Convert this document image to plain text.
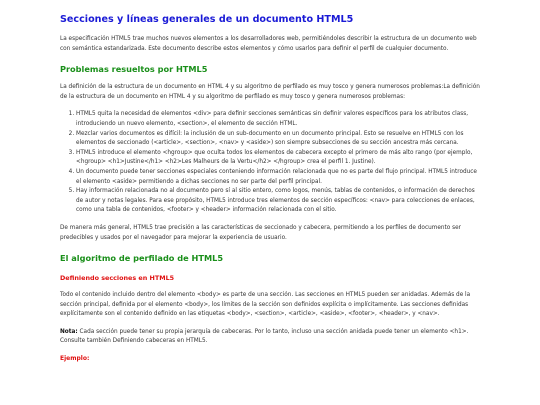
Secciones y líneas generales de un documento HTML5

La especificación HTML5 trae muchos nuevos elementos a los desarrolladores web, permitiéndoles describir la estructura de un documento web con semántica estandarizada. Este documento describe estos elementos y cómo usarlos para definir el perfil de cualquier documento.

Problemas resueltos por HTML5

La definición de la estructura de un documento en HTML 4 y su algoritmo de perfilado es muy tosco y genera numerosos problemas:La definición de la estructura de un documento en HTML 4 y su algoritmo de perfilado es muy tosco y genera numerosos problemas:

1. HTML5 quita la necesidad de elementos <div> para definir secciones semánticas sin definir valores específicos para los atributos class, introduciendo un nuevo elemento, <section>, el elemento de sección HTML.
2. Mezclar varios documentos es difícil: la inclusión de un sub-documento en un documento principal. Esto se resuelve en HTML5 con los elementos de seccionado (<article>, <section>, <nav> y <aside>) son siempre subsecciones de su sección ancestra más cercana.
3. HTML5 introduce el elemento <hgroup> que oculta todos los elementos de cabecera excepto el primero de más alto rango (por ejemplo, <hgroup> <h1>Justine</h1> <h2>Les Malheurs de la Vertu</h2> </hgroup> crea el perfil 1. Justine).
4. Un documento puede tener secciones especiales conteniendo información relacionada que no es parte del flujo principal. HTML5 introduce el elemento <aside> permitiendo a dichas secciones no ser parte del perfil principal.
5. Hay información relacionada no al documento pero sí al sitio entero, como logos, menús, tablas de contenidos, o información de derechos de autor y notas legales. Para ese propósito, HTML5 introduce tres elementos de sección específicos: <nav> para colecciones de enlaces, como una tabla de contenidos, <footer> y <header> información relacionada con el sitio.

De manera más general, HTML5 trae precisión a las características de seccionado y cabecera, permitiendo a los perfiles de documento ser predecibles y usados por el navegador para mejorar la experiencia de usuario.

El algoritmo de perfilado de HTML5
Definiendo secciones en HTML5

Todo el contenido incluido dentro del elemento <body> es parte de una sección. Las secciones en HTML5 pueden ser anidadas. Además de la sección principal, definida por el elemento <body>, los límites de la sección son definidos explícita o implícitamente. Las secciones definidas explícitamente son el contenido definido en las etiquetas <body>, <section>, <article>, <aside>, <footer>, <header>, y <nav>.

Nota: Cada sección puede tener su propia jerarquía de cabeceras. Por lo tanto, incluso una sección anidada puede tener un elemento <h1>. Consulte también Definiendo cabeceras en HTML5.

Ejemplo:
